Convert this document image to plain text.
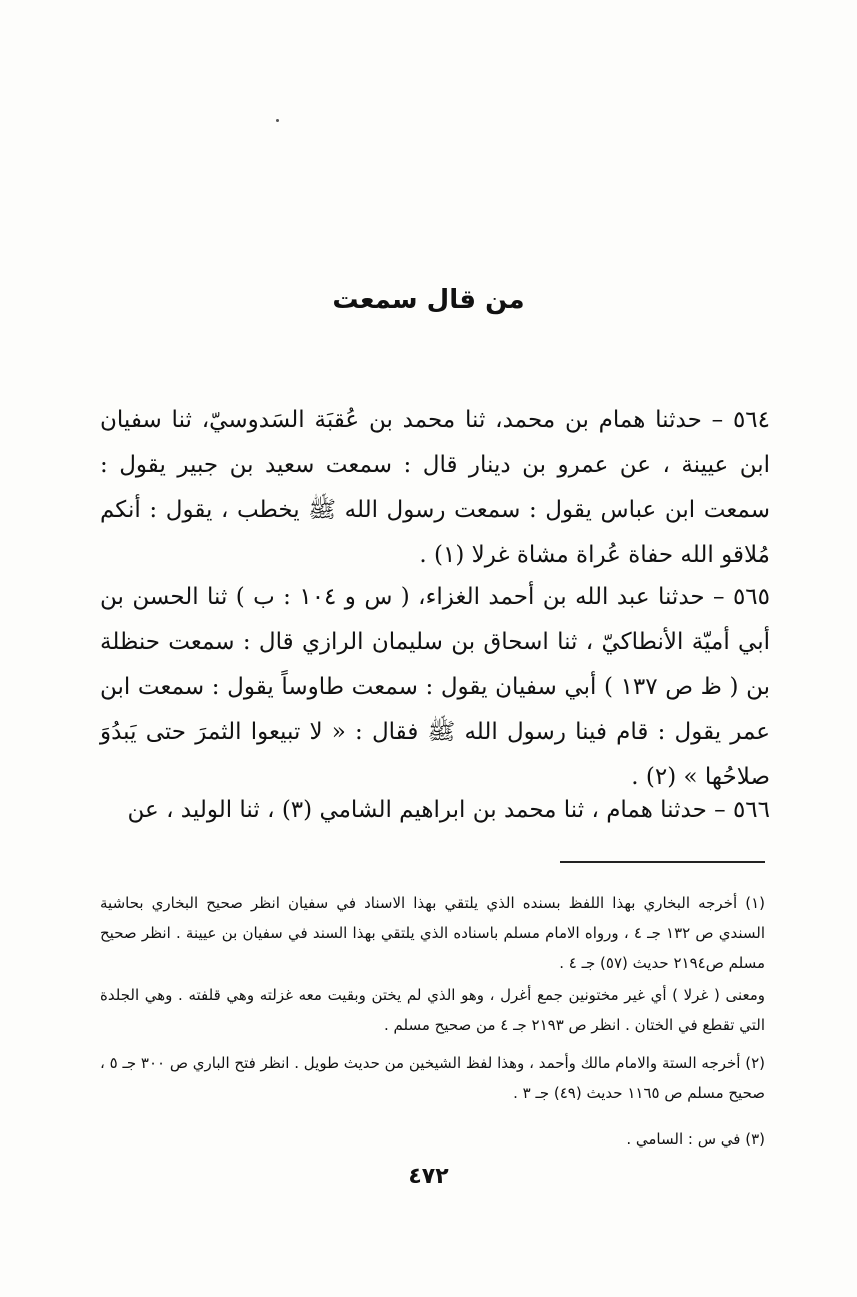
من قال سمعت

٥٦٤ – حدثنا همام بن محمد، ثنا محمد بن عُقبَة السَدوسيّ، ثنا سفيان ابن عيينة ، عن عمرو بن دينار قال : سمعت سعيد بن جبير يقول : سمعت ابن عباس يقول : سمعت رسول الله ﷺ يخطب ، يقول : أنكم مُلاقو الله حفاة عُراة مشاة غرلا (١) .

٥٦٥ – حدثنا عبد الله بن أحمد الغزاء، ( س و ١٠٤ : ب ) ثنا الحسن بن أبي أميّة الأنطاكيّ ، ثنا اسحاق بن سليمان الرازي قال : سمعت حنظلة بن ( ظ ص ١٣٧ ) أبي سفيان يقول : سمعت طاوساً يقول : سمعت ابن عمر يقول : قام فينا رسول الله ﷺ فقال : « لا تبيعوا الثمرَ حتى يَبدُوَ صلاحُها » (٢) .

٥٦٦ – حدثنا همام ، ثنا محمد بن ابراهيم الشامي (٣) ، ثنا الوليد ، عن

(١) أخرجه البخاري بهذا اللفظ بسنده الذي يلتقي بهذا الاسناد في سفيان انظر صحيح البخاري بحاشية السندي ص ١٣٢ جـ ٤ ، ورواه الامام مسلم باسناده الذي يلتقي بهذا السند في سفيان بن عيينة . انظر صحيح مسلم ص٢١٩٤ حديث (٥٧) جـ ٤ .

ومعنى ( غرلا ) أي غير مختونين جمع أغرل ، وهو الذي لم يختن وبقيت معه غزلته وهي قلفته . وهي الجلدة التي تقطع في الختان . انظر ص ٢١٩٣ جـ ٤ من صحيح مسلم .

(٢) أخرجه الستة والامام مالك وأحمد ، وهذا لفظ الشيخين من حديث طويل . انظر فتح الباري ص ٣٠٠ جـ ٥ ، صحيح مسلم ص ١١٦٥ حديث (٤٩) جـ ٣ .

(٣) في س : السامي .

٤٧٢
